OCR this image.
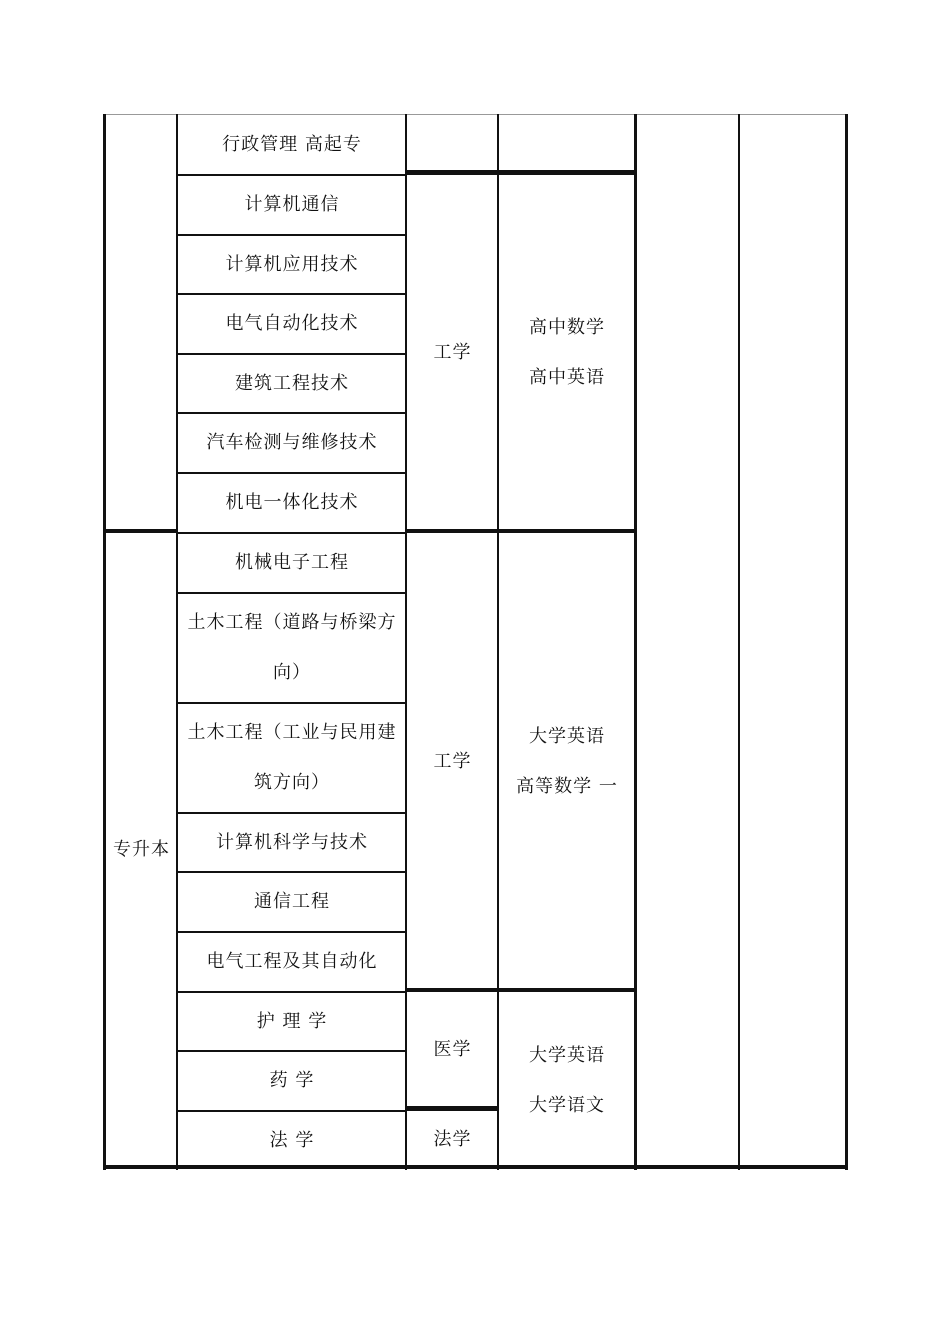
专升本
行政管理 高起专
计算机通信
计算机应用技术
电气自动化技术
建筑工程技术
汽车检测与维修技术
机电一体化技术
机械电子工程
土木工程（道路与桥梁方
向）
土木工程（工业与民用建
筑方向）
计算机科学与技术
通信工程
电气工程及其自动化
护 理 学
药 学
法 学
工学
工学
医学
法学
高中数学
高中英语
大学英语
高等数学 一
大学英语
大学语文
